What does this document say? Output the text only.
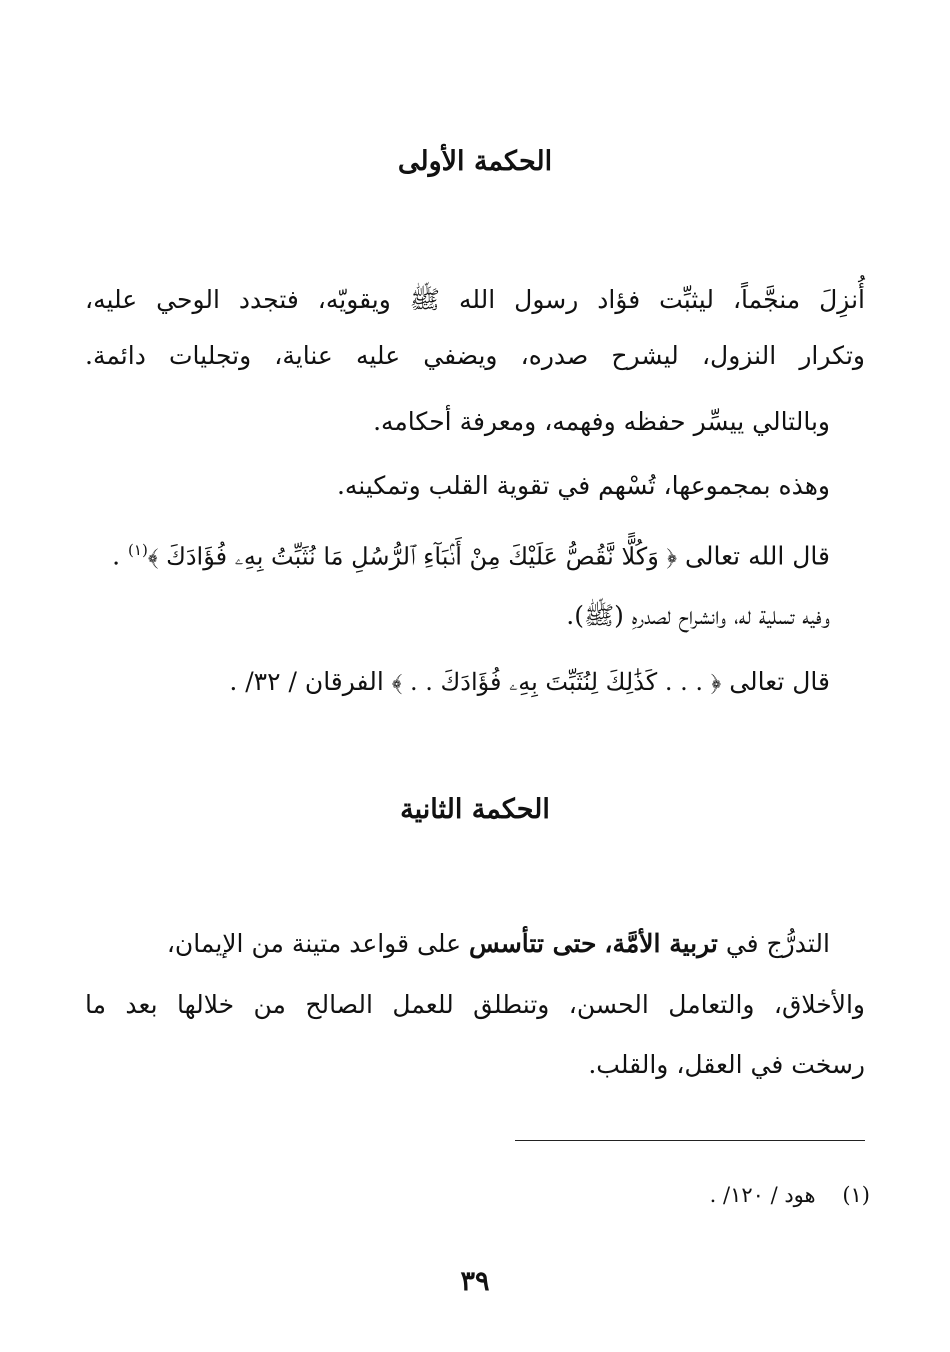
الحكمة الأولى
أُنزِلَ منجَّماً، ليثبِّت فؤاد رسول الله ﷺ ويقويّه، فتجدد الوحي عليه،
وتكرار النزول، ليشرح صدره، ويضفي عليه عناية، وتجليات دائمة.
وبالتالي ييسِّر حفظه وفهمه، ومعرفة أحكامه.
وهذه بمجموعها، تُسْهم في تقوية القلب وتمكينه.
قال الله تعالى ﴿ وَكُلًّا نَّقُصُّ عَلَيْكَ مِنْ أَنۢبَآءِ ٱلرُّسُلِ مَا نُثَبِّتُ بِهِۦ فُؤَادَكَ ﴾$^{(١)}$ .
وفيه تسلية له، وانشراح لصدرهِ (ﷺ).
قال تعالى ﴿ . . . كَذَٰلِكَ لِنُثَبِّتَ بِهِۦ فُؤَادَكَ . . ﴾ الفرقان / ٣٢/ .
الحكمة الثانية
التدرُّج في تربية الأمَّة، حتى تتأسس على قواعد متينة من الإيمان،
والأخلاق، والتعامل الحسن، وتنطلق للعمل الصالح من خلالها بعد ما
رسخت في العقل، والقلب.
(١)    هود / ١٢٠/ .
٣٩
